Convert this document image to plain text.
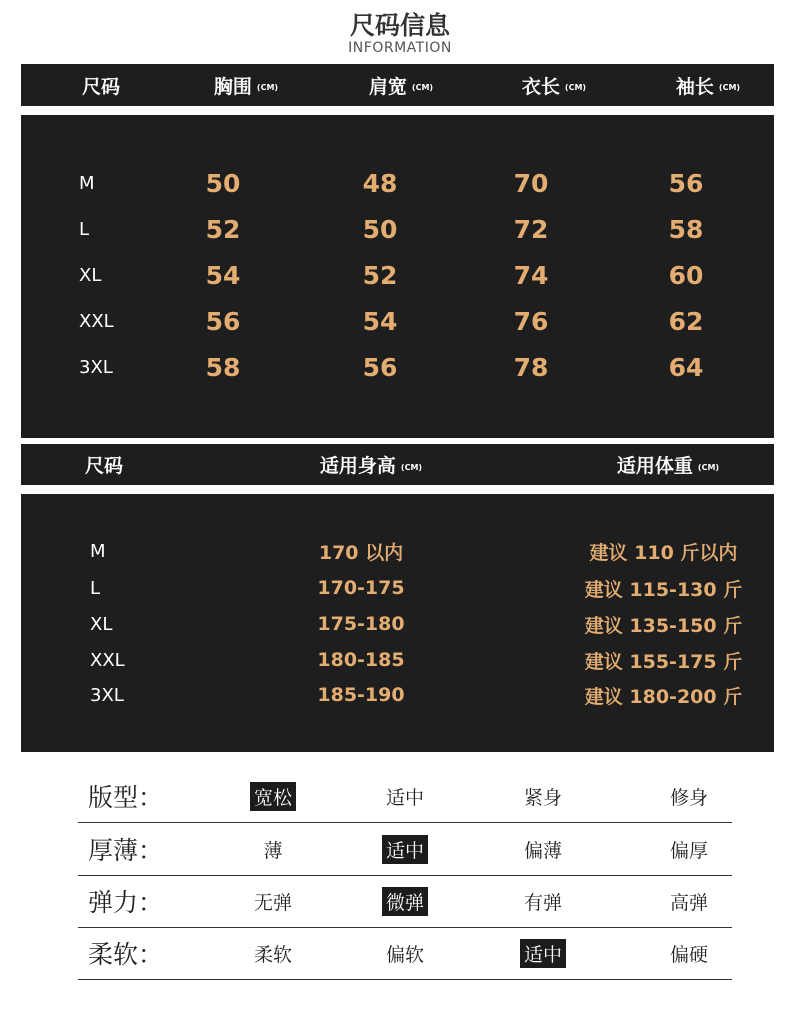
尺码信息
INFORMATION
尺码	胸围 (CM)	肩宽 (CM)	衣长 (CM)	袖长 (CM)
M	50	48	70	56
L	52	50	72	58
XL	54	52	74	60
XXL	56	54	76	62
3XL	58	56	78	64
尺码	适用身高 (CM)	适用体重 (CM)
M	170 以内	建议 110 斤以内
L	170-175	建议 115-130 斤
XL	175-180	建议 135-150 斤
XXL	180-185	建议 155-175 斤
3XL	185-190	建议 180-200 斤
版型：	宽松	适中	紧身	修身
厚薄：	薄	适中	偏薄	偏厚
弹力：	无弹	微弹	有弹	高弹
柔软：	柔软	偏软	适中	偏硬
